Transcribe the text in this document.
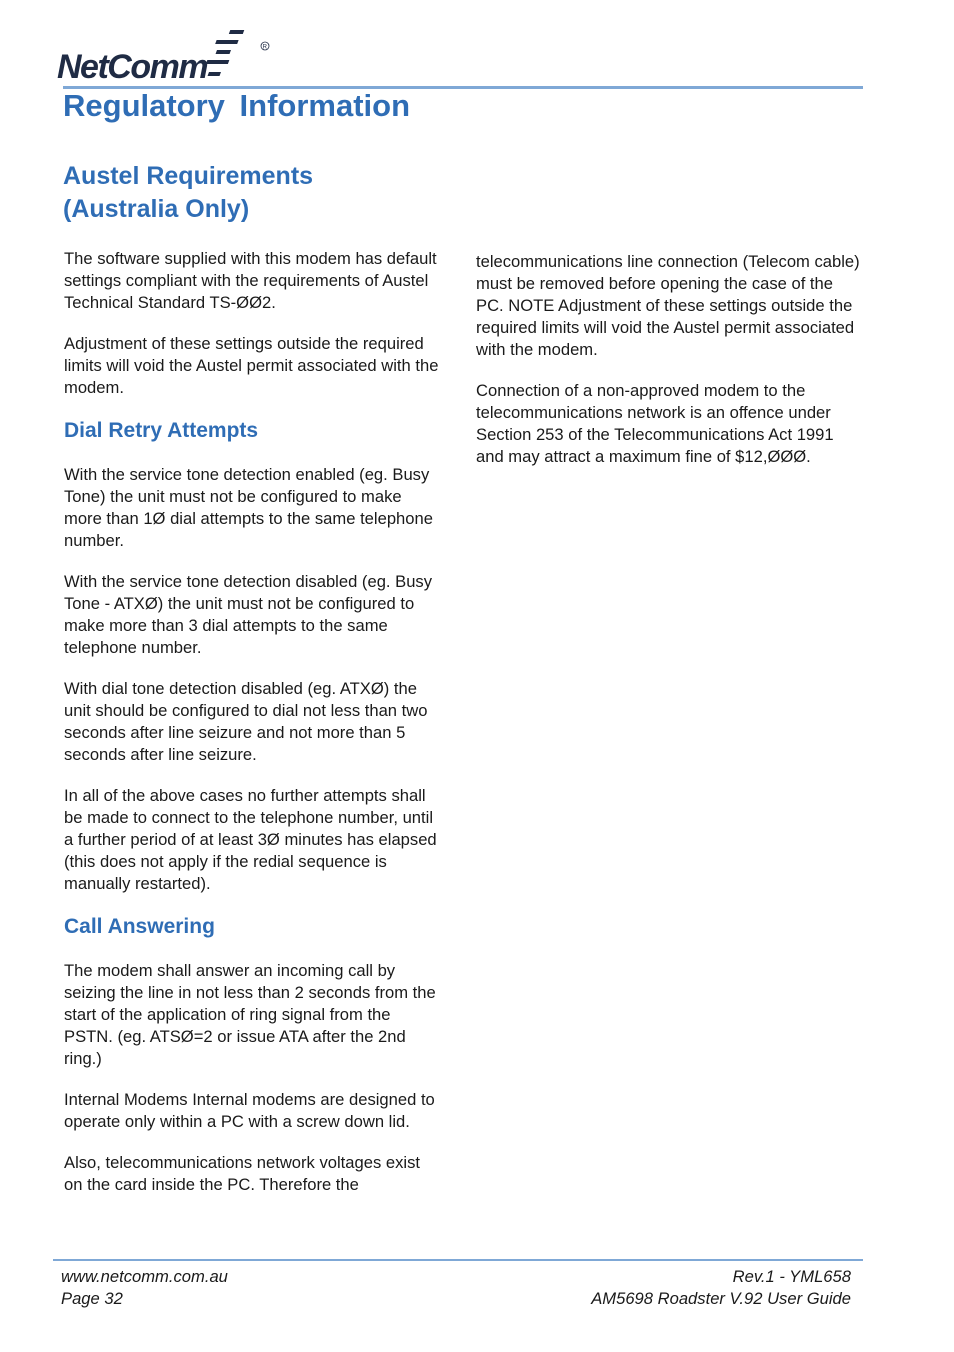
NetComm
R
Regulatory Information
Austel Requirements
(Australia Only)

The software supplied with this modem has default settings compliant with the requirements of Austel Technical Standard TS-ØØ2.

Adjustment of these settings outside the required limits will void the Austel permit associated with the modem.

Dial Retry Attempts

With the service tone detection enabled (eg. Busy Tone) the unit must not be configured to make more than 1Ø dial attempts to the same telephone number.

With the service tone detection disabled (eg. Busy Tone - ATXØ) the unit must not be configured to make more than 3 dial attempts to the same telephone number.

With dial tone detection disabled (eg. ATXØ) the unit should be configured to dial not less than two seconds after line seizure and not more than 5 seconds after line seizure.

In all of the above cases no further attempts shall be made to connect to the telephone number, until a further period of at least 3Ø minutes has elapsed (this does not apply if the redial sequence is manually restarted).

Call Answering

The modem shall answer an incoming call by seizing the line in not less than 2 seconds from the start of the application of ring signal from the PSTN. (eg. ATSØ=2 or issue ATA after the 2nd ring.)

Internal Modems Internal modems are designed to operate only within a PC with a screw down lid.

Also, telecommunications network voltages exist on the card inside the PC. Therefore the

telecommunications line connection (Telecom cable) must be removed before opening the case of the PC. NOTE Adjustment of these settings outside the required limits will void the Austel permit associated with the modem.

Connection of a non-approved modem to the telecommunications network is an offence under Section 253 of the Telecommunications Act 1991 and may attract a maximum fine of $12,ØØØ.

www.netcomm.com.au
Page 32
Rev.1 - YML658
AM5698 Roadster V.92 User Guide
